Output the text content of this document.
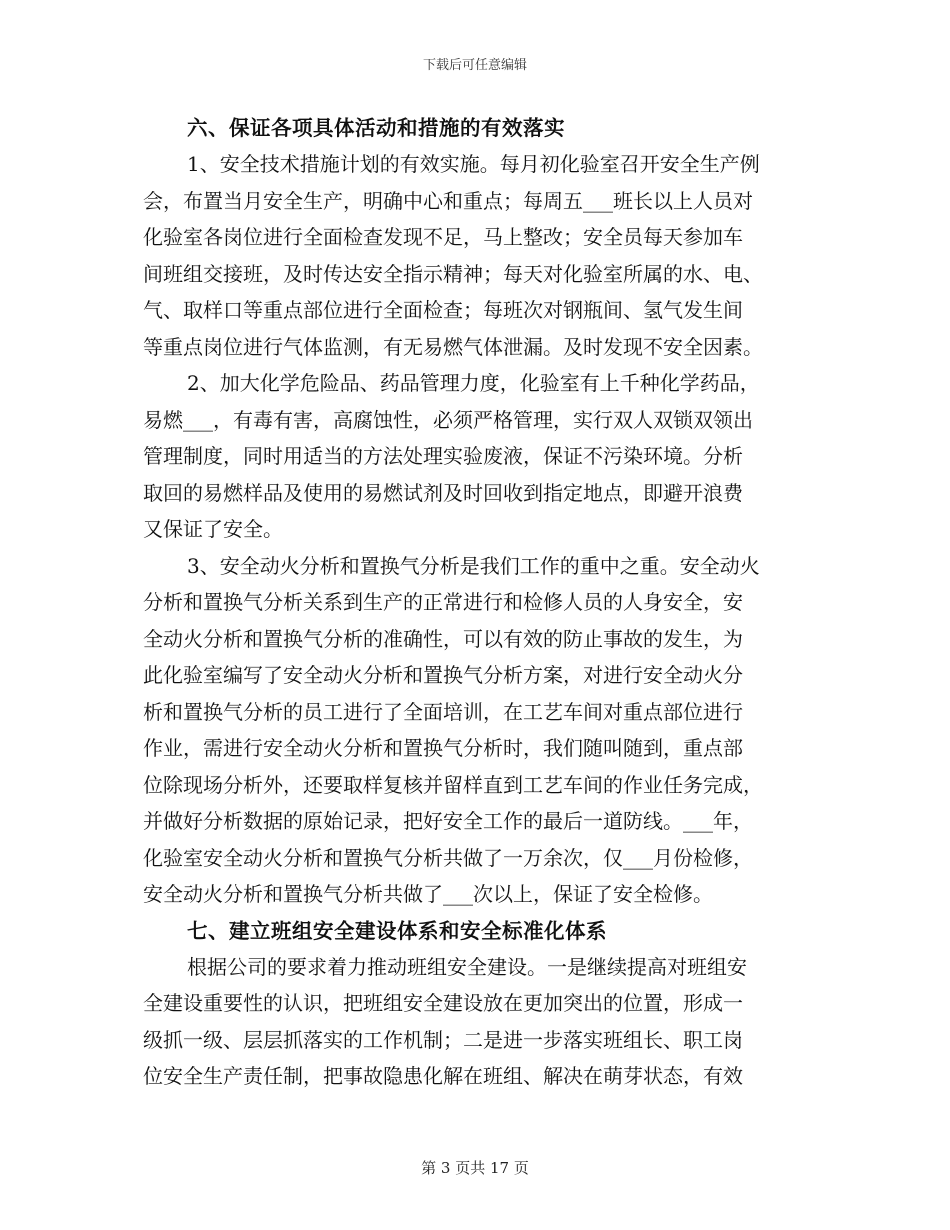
下载后可任意编辑
六、保证各项具体活动和措施的有效落实
1、安全技术措施计划的有效实施。每月初化验室召开安全生产例
会，布置当月安全生产，明确中心和重点；每周五___班长以上人员对
化验室各岗位进行全面检查发现不足，马上整改；安全员每天参加车
间班组交接班，及时传达安全指示精神；每天对化验室所属的水、电、
气、取样口等重点部位进行全面检查；每班次对钢瓶间、氢气发生间
等重点岗位进行气体监测，有无易燃气体泄漏。及时发现不安全因素。
2、加大化学危险品、药品管理力度，化验室有上千种化学药品，
易燃___，有毒有害，高腐蚀性，必须严格管理，实行双人双锁双领出
管理制度，同时用适当的方法处理实验废液，保证不污染环境。分析
取回的易燃样品及使用的易燃试剂及时回收到指定地点，即避开浪费
又保证了安全。
3、安全动火分析和置换气分析是我们工作的重中之重。安全动火
分析和置换气分析关系到生产的正常进行和检修人员的人身安全，安
全动火分析和置换气分析的准确性，可以有效的防止事故的发生，为
此化验室编写了安全动火分析和置换气分析方案，对进行安全动火分
析和置换气分析的员工进行了全面培训，在工艺车间对重点部位进行
作业，需进行安全动火分析和置换气分析时，我们随叫随到，重点部
位除现场分析外，还要取样复核并留样直到工艺车间的作业任务完成，
并做好分析数据的原始记录，把好安全工作的最后一道防线。___年，
化验室安全动火分析和置换气分析共做了一万余次，仅___月份检修，
安全动火分析和置换气分析共做了___次以上，保证了安全检修。
七、建立班组安全建设体系和安全标准化体系
根据公司的要求着力推动班组安全建设。一是继续提高对班组安
全建设重要性的认识，把班组安全建设放在更加突出的位置，形成一
级抓一级、层层抓落实的工作机制；二是进一步落实班组长、职工岗
位安全生产责任制，把事故隐患化解在班组、解决在萌芽状态，有效
第 3 页共 17 页
